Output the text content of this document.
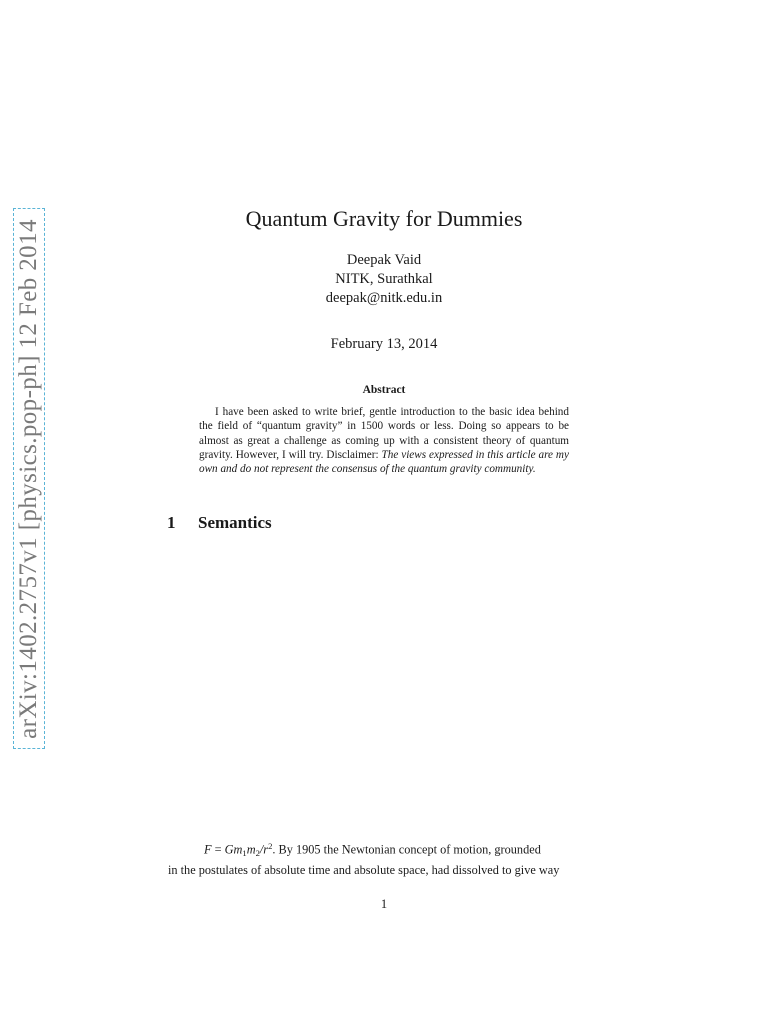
arXiv:1402.2757v1 [physics.pop-ph] 12 Feb 2014
Quantum Gravity for Dummies
Deepak Vaid
NITK, Surathkal
deepak@nitk.edu.in
February 13, 2014
Abstract
I have been asked to write brief, gentle introduction to the basic idea behind the field of “quantum gravity” in 1500 words or less. Doing so appears to be almost as great a challenge as coming up with a consistent theory of quantum gravity. However, I will try. Disclaimer: The views expressed in this article are my own and do not represent the consensus of the quantum gravity community.
1 Semantics
$F = Gm_1m_2/r^2$. By 1905 the Newtonian concept of motion, grounded
in the postulates of absolute time and absolute space, had dissolved to give way
1
